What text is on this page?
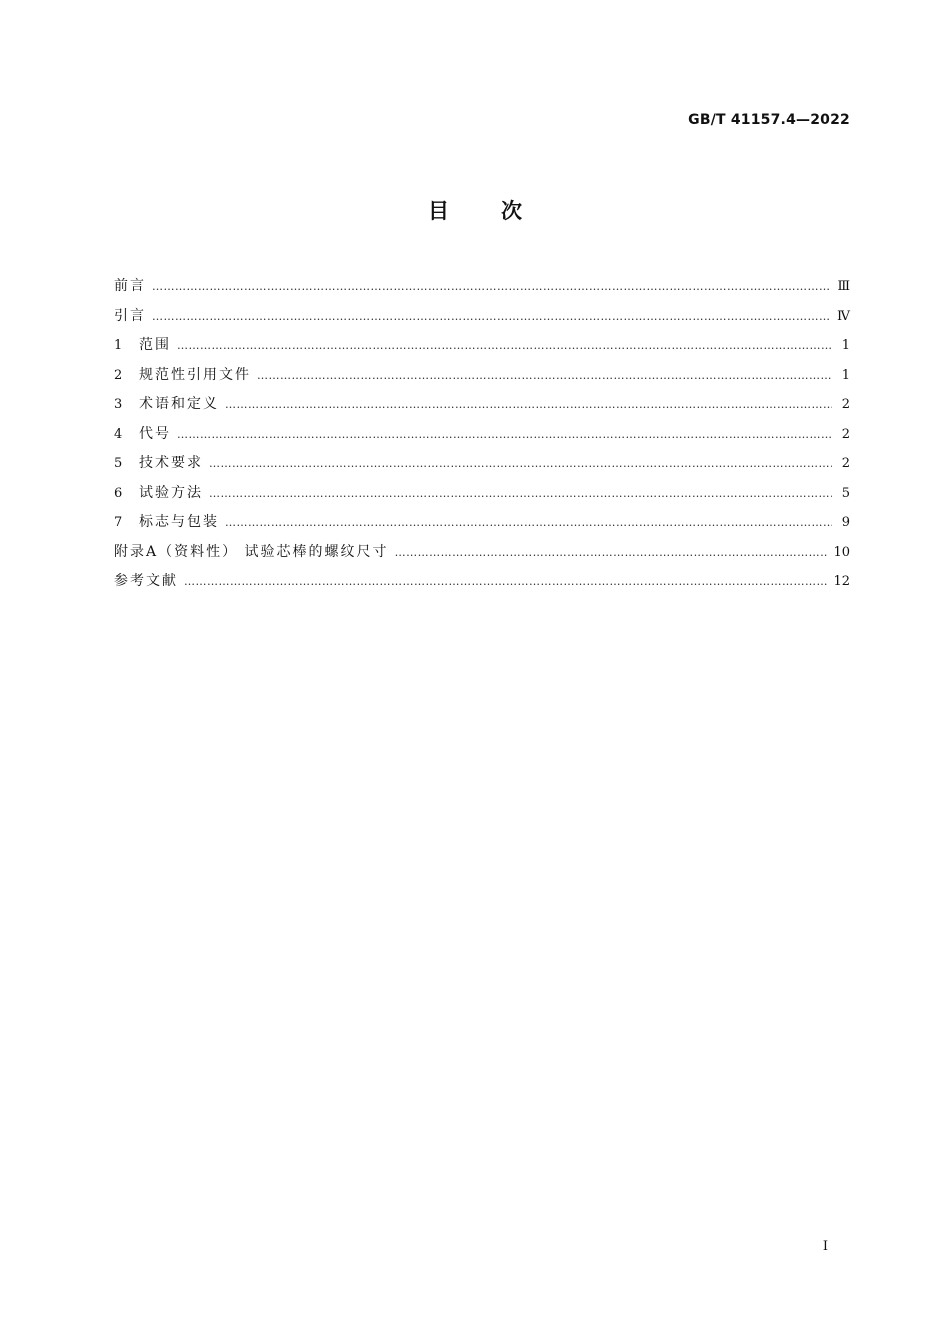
GB/T 41157.4—2022
目次
前言 ……………………………………………………………………………………………………………………………………………………………………………………………………………	Ⅲ
引言 ……………………………………………………………………………………………………………………………………………………………………………………………………………	Ⅳ
1	范围 ……………………………………………………………………………………………………………………………………………………………………………………………………………	1
2	规范性引用文件 ……………………………………………………………………………………………………………………………………………………………………………………………………………	1
3	术语和定义 ……………………………………………………………………………………………………………………………………………………………………………………………………………	2
4	代号 ……………………………………………………………………………………………………………………………………………………………………………………………………………	2
5	技术要求 ……………………………………………………………………………………………………………………………………………………………………………………………………………	2
6	试验方法 ……………………………………………………………………………………………………………………………………………………………………………………………………………	5
7	标志与包装 ……………………………………………………………………………………………………………………………………………………………………………………………………………	9
附录A（资料性） 试验芯棒的螺纹尺寸 ……………………………………………………………………………………………………………………………………………………………………………………………………………	10
参考文献 ……………………………………………………………………………………………………………………………………………………………………………………………………………	12
Ⅰ
